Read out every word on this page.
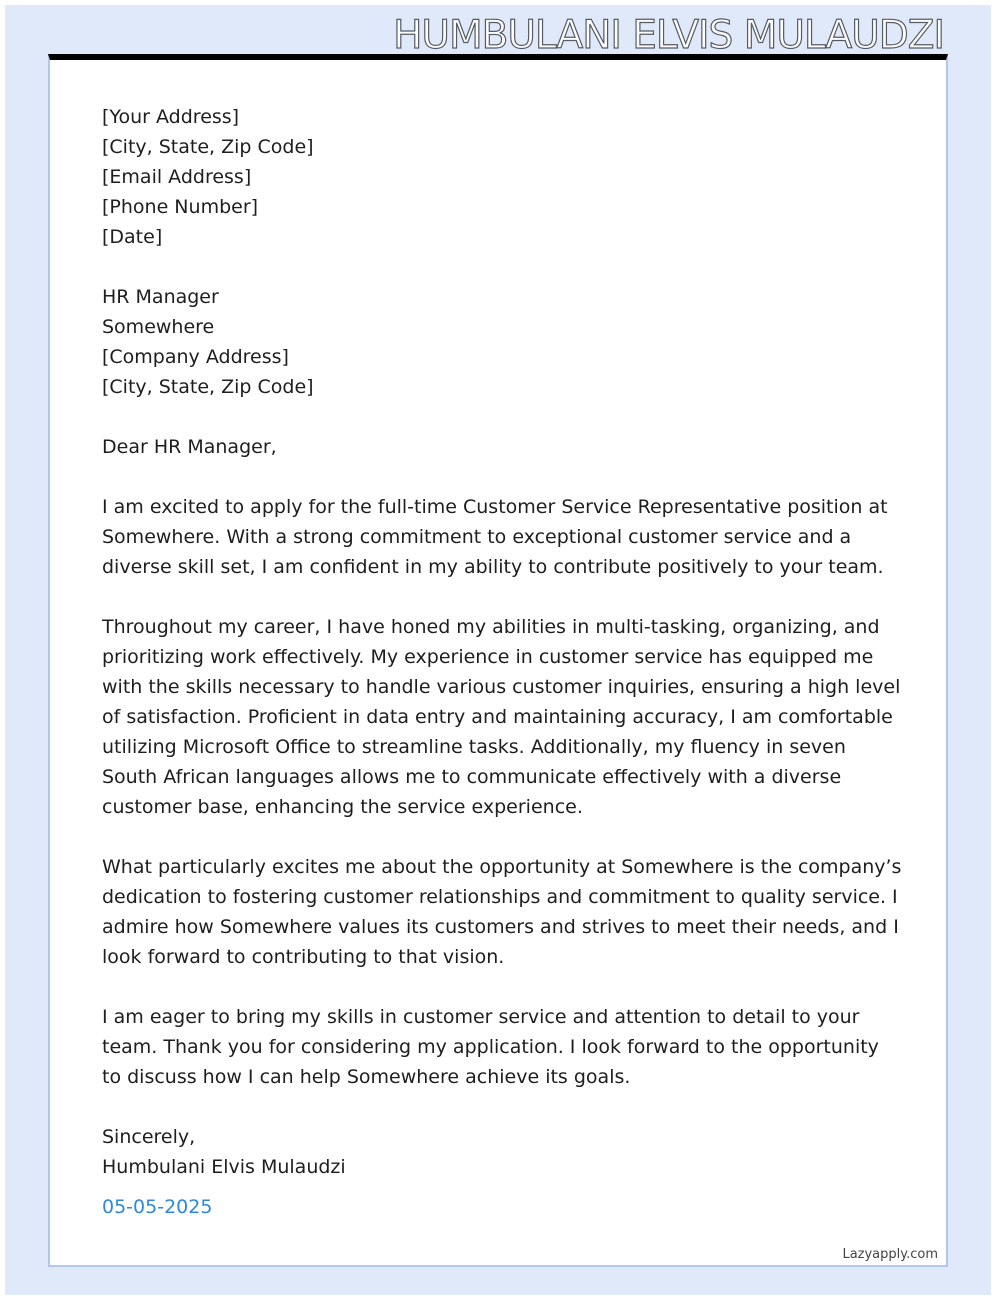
[Your Address]
[City, State, Zip Code]
[Email Address]
[Phone Number]
[Date]
HR Manager
Somewhere
[Company Address]
[City, State, Zip Code]
Dear HR Manager,
I am excited to apply for the full-time Customer Service Representative position at Somewhere. With a strong commitment to exceptional customer service and a diverse skill set, I am confident in my ability to contribute positively to your team.
Throughout my career, I have honed my abilities in multi-tasking, organizing, and prioritizing work effectively. My experience in customer service has equipped me with the skills necessary to handle various customer inquiries, ensuring a high level of satisfaction. Proficient in data entry and maintaining accuracy, I am comfortable utilizing Microsoft Office to streamline tasks. Additionally, my fluency in seven South African languages allows me to communicate effectively with a diverse customer base, enhancing the service experience.
What particularly excites me about the opportunity at Somewhere is the company’s dedication to fostering customer relationships and commitment to quality service. I admire how Somewhere values its customers and strives to meet their needs, and I look forward to contributing to that vision.
I am eager to bring my skills in customer service and attention to detail to your team. Thank you for considering my application. I look forward to the opportunity to discuss how I can help Somewhere achieve its goals.
Sincerely,
Humbulani Elvis Mulaudzi
05-05-2025
Lazyapply.com
HUMBULANI ELVIS MULAUDZI
